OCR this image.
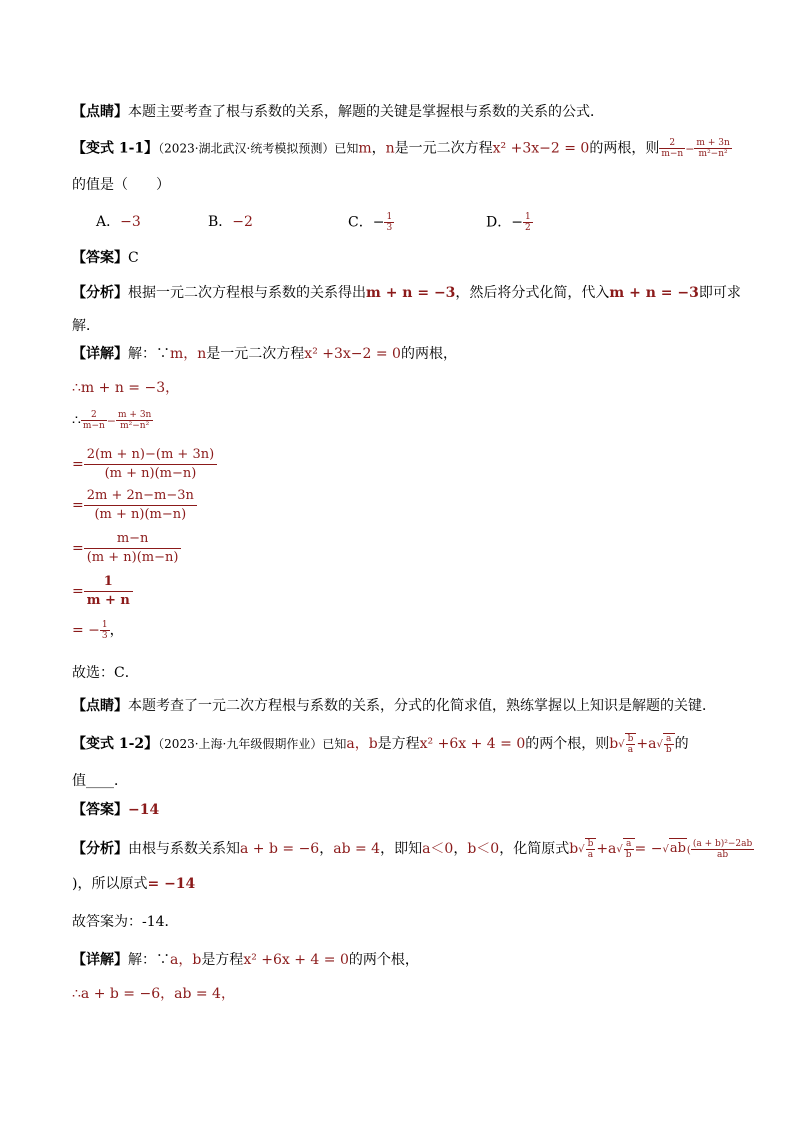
【点睛】本题主要考查了根与系数的关系，解题的关键是掌握根与系数的关系的公式．
【变式 1-1】（2023·湖北武汉·统考模拟预测）已知m，n是一元二次方程x² +3x−2 = 0的两根，则 $\frac{2}{m-n} - \frac{m + 3n}{\text{m²−n²}}$
的值是（　　）
A．−3	B．−2	C．− $\frac{1}{3}$	D．− $\frac{1}{2}$
【答案】C
【分析】根据一元二次方程根与系数的关系得出m + n = −3，然后将分式化简，代入m + n = −3即可求
解．
【详解】解：∵m，n是一元二次方程x² +3x−2 = 0的两根，
∴m + n = −3，
∴ $\frac{2}{m-n} - \frac{m + 3n}{\text{m²−n²}}$
= $\frac{2(m + n)-(m + 3n)}{(m + n)(m-n)}$
= $\frac{2m + 2n-m-3n}{(m + n)(m-n)}$
= $\frac{m-n}{(m + n)(m-n)}$
= $\frac{1}{m + n}$
= − $\frac{1}{3}$ ，
故选：C．
【点睛】本题考查了一元二次方程根与系数的关系，分式的化简求值，熟练掌握以上知识是解题的关键．
【变式 1-2】（2023·上海·九年级假期作业）已知a，b是方程x² +6x + 4 = 0的两个根，则$b√ \frac{b}{a} +a√ \frac{a}{b}$ 的
值____．
【答案】−14
【分析】由根与系数关系知a + b = −6，ab = 4，即知a＜0，b＜0，化简原式$b√ \frac{b}{a} +a√ \frac{a}{b} = -√ab( \frac{\text{(a + b)²−2ab}}{ab}$
)，所以原式= −14
故答案为：-14．
【详解】解：∵a，b是方程x² +6x + 4 = 0的两个根，
∴a + b = −6，ab = 4，
